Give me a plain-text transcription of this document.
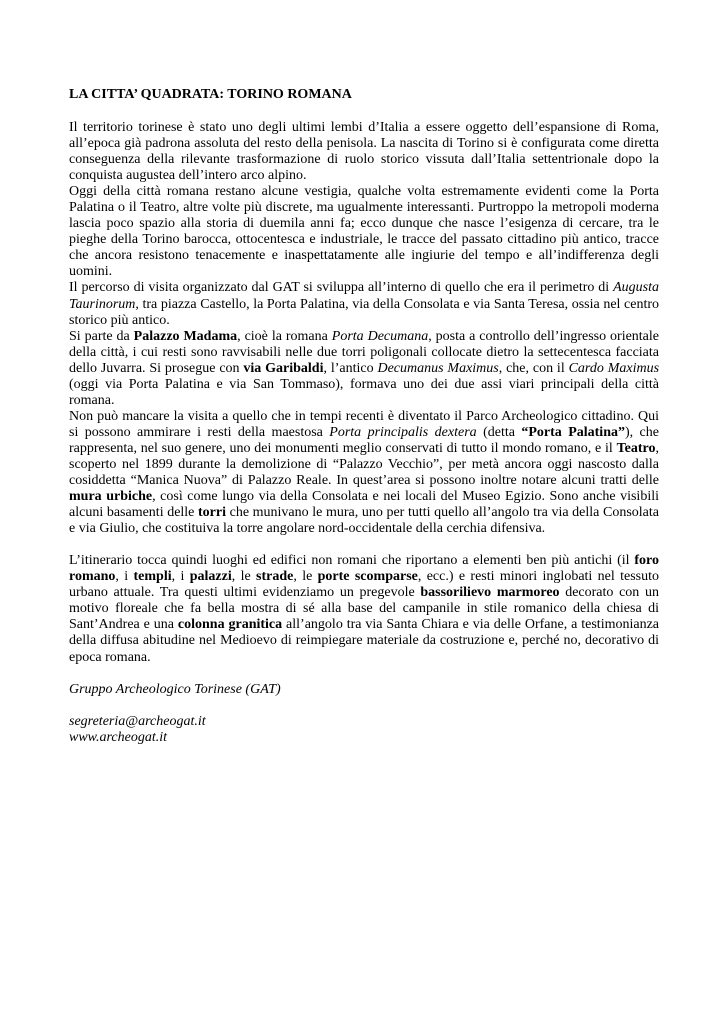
LA CITTA’ QUADRATA: TORINO ROMANA

Il territorio torinese è stato uno degli ultimi lembi d’Italia a essere oggetto dell’espansione di Roma, all’epoca già padrona assoluta del resto della penisola. La nascita di Torino si è configurata come diretta conseguenza della rilevante trasformazione di ruolo storico vissuta dall’Italia settentrionale dopo la conquista augustea dell’intero arco alpino.

Oggi della città romana restano alcune vestigia, qualche volta estremamente evidenti come la Porta Palatina o il Teatro, altre volte più discrete, ma ugualmente interessanti. Purtroppo la metropoli moderna lascia poco spazio alla storia di duemila anni fa; ecco dunque che nasce l’esigenza di cercare, tra le pieghe della Torino barocca, ottocentesca e industriale, le tracce del passato cittadino più antico, tracce che ancora resistono tenacemente e inaspettatamente alle ingiurie del tempo e all’indifferenza degli uomini.

Il percorso di visita organizzato dal GAT si sviluppa all’interno di quello che era il perimetro di Augusta Taurinorum, tra piazza Castello, la Porta Palatina, via della Consolata e via Santa Teresa, ossia nel centro storico più antico.

Si parte da Palazzo Madama, cioè la romana Porta Decumana, posta a controllo dell’ingresso orientale della città, i cui resti sono ravvisabili nelle due torri poligonali collocate dietro la settecentesca facciata dello Juvarra. Si prosegue con via Garibaldi, l’antico Decumanus Maximus, che, con il Cardo Maximus (oggi via Porta Palatina e via San Tommaso), formava uno dei due assi viari principali della città romana.

Non può mancare la visita a quello che in tempi recenti è diventato il Parco Archeologico cittadino. Qui si possono ammirare i resti della maestosa Porta principalis dextera (detta “Porta Palatina”), che rappresenta, nel suo genere, uno dei monumenti meglio conservati di tutto il mondo romano, e il Teatro, scoperto nel 1899 durante la demolizione di “Palazzo Vecchio”, per metà ancora oggi nascosto dalla cosiddetta “Manica Nuova” di Palazzo Reale. In quest’area si possono inoltre notare alcuni tratti delle mura urbiche, così come lungo via della Consolata e nei locali del Museo Egizio. Sono anche visibili alcuni basamenti delle torri che munivano le mura, uno per tutti quello all’angolo tra via della Consolata e via Giulio, che costituiva la torre angolare nord-occidentale della cerchia difensiva.

L’itinerario tocca quindi luoghi ed edifici non romani che riportano a elementi ben più antichi (il foro romano, i templi, i palazzi, le strade, le porte scomparse, ecc.) e resti minori inglobati nel tessuto urbano attuale. Tra questi ultimi evidenziamo un pregevole bassorilievo marmoreo decorato con un motivo floreale che fa bella mostra di sé alla base del campanile in stile romanico della chiesa di Sant’Andrea e una colonna granitica all’angolo tra via Santa Chiara e via delle Orfane, a testimonianza della diffusa abitudine nel Medioevo di reimpiegare materiale da costruzione e, perché no, decorativo di epoca romana.

Gruppo Archeologico Torinese (GAT)

segreteria@archeogat.it

www.archeogat.it
